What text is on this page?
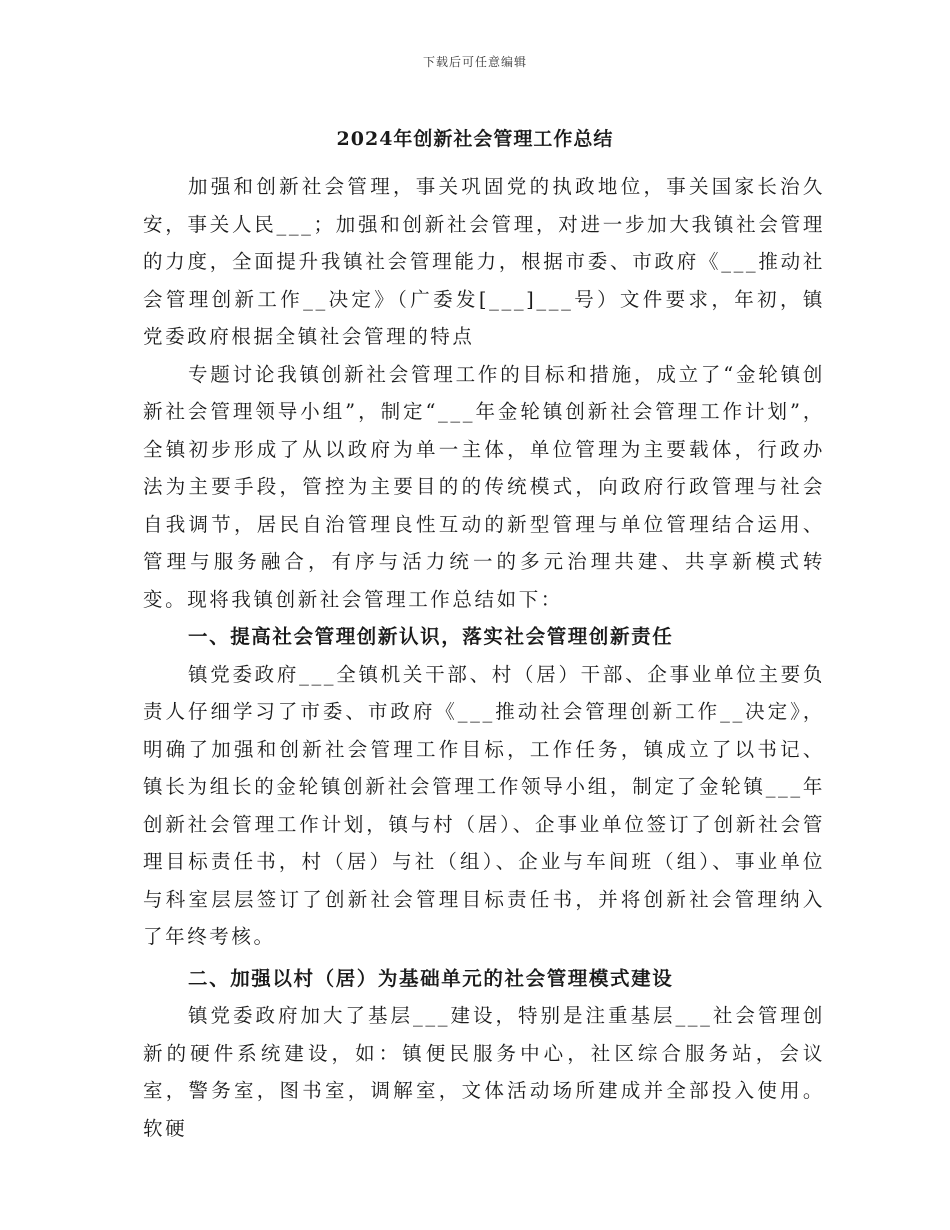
下载后可任意编辑
2024年创新社会管理工作总结

加强和创新社会管理，事关巩固党的执政地位，事关国家长治久安，事关人民___；加强和创新社会管理，对进一步加大我镇社会管理的力度，全面提升我镇社会管理能力，根据市委、市政府《___推动社会管理创新工作__决定》（广委发[___]___号）文件要求，年初，镇党委政府根据全镇社会管理的特点

专题讨论我镇创新社会管理工作的目标和措施，成立了“金轮镇创新社会管理领导小组”，制定“___年金轮镇创新社会管理工作计划”，全镇初步形成了从以政府为单一主体，单位管理为主要载体，行政办法为主要手段，管控为主要目的的传统模式，向政府行政管理与社会自我调节，居民自治管理良性互动的新型管理与单位管理结合运用、管理与服务融合，有序与活力统一的多元治理共建、共享新模式转变。现将我镇创新社会管理工作总结如下：

一、提高社会管理创新认识，落实社会管理创新责任

镇党委政府___全镇机关干部、村（居）干部、企事业单位主要负责人仔细学习了市委、市政府《___推动社会管理创新工作__决定》，明确了加强和创新社会管理工作目标，工作任务，镇成立了以书记、镇长为组长的金轮镇创新社会管理工作领导小组，制定了金轮镇___年创新社会管理工作计划，镇与村（居）、企事业单位签订了创新社会管理目标责任书，村（居）与社（组）、企业与车间班（组）、事业单位与科室层层签订了创新社会管理目标责任书，并将创新社会管理纳入了年终考核。

二、加强以村（居）为基础单元的社会管理模式建设

镇党委政府加大了基层___建设，特别是注重基层___社会管理创新的硬件系统建设，如：镇便民服务中心，社区综合服务站，会议室，警务室，图书室，调解室，文体活动场所建成并全部投入使用。软硬
